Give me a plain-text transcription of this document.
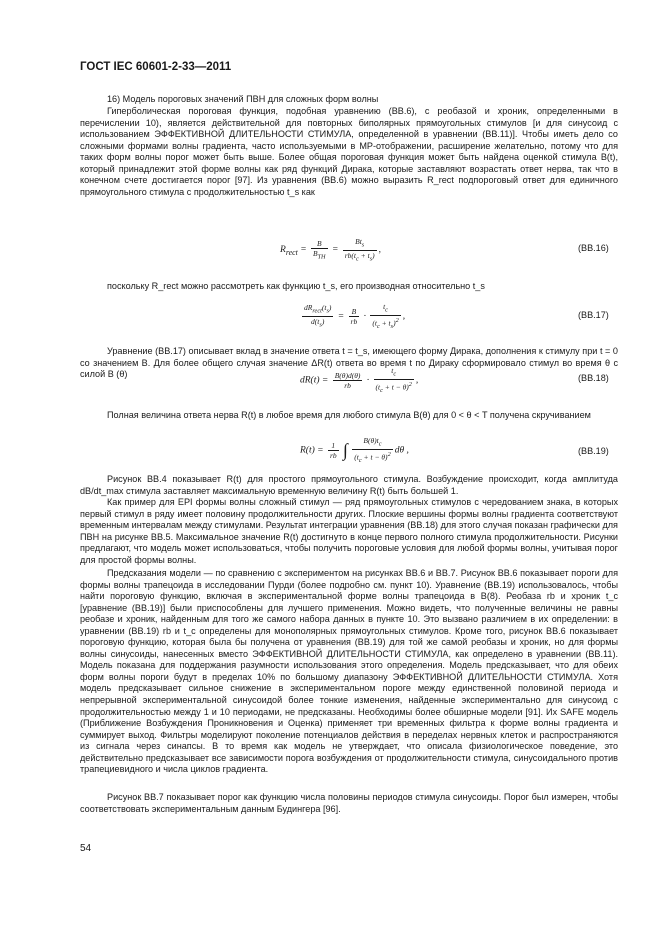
ГОСТ IEC 60601-2-33—2011

16) Модель пороговых значений ПВН для сложных форм волны

Гиперболическая пороговая функция, подобная уравнению (ВВ.6), с реобазой и хроник, определенными в перечислении 10), является действительной для повторных биполярных прямоугольных стимулов [и для синусоид с использованием ЭФФЕКТИВНОЙ ДЛИТЕЛЬНОСТИ СТИМУЛА, определенной в уравнении (ВВ.11)]. Чтобы иметь дело со сложными формами волны градиента, часто используемыми в МР-отображении, расширение желательно, потому что для таких форм волны порог может быть выше. Более общая пороговая функция может быть найдена оценкой стимула B(t), который принадлежит этой форме волны как ряд функций Дирака, которые заставляют возрастать ответ нерва, так что в конечном счете достигается порог [97]. Из уравнения (ВВ.6) можно выразить R_rect подпороговый ответ для единичного прямоугольного стимула с продолжительностью t_s как

$R_{rect}$ =
B
$B_{TH}$
=
$Bt_s$
$rb(t_c + t_s)$ ,	(ВВ.16)

поскольку R_rect можно рассмотреть как функцию t_s, его производная относительно t_s

$dR_{rect}(t_s)$
$d(t_s)$	= $\frac{B}{rb} \cdot \frac{t_c}{(t_c + t_s)^2}$ ,	(ВВ.17)

Уравнение (ВВ.17) описывает вклад в значение ответа t = t_s, имеющего форму Дирака, дополнения к стимулу при t = 0 со значением B. Для более общего случая значение ΔR(t) ответа во время t по Дираку сформировало стимул во время θ с силой B (θ)

$dR(t) = \frac{B(\theta)d(\theta)}{rb} \cdot \frac{t_c}{(t_c + t - \theta)^2}$ ,	(ВВ.18)

Полная величина ответа нерва R(t) в любое время для любого стимула B(θ) для 0 < θ < T получена скручиванием

$R(t) = \frac{1}{rb}$ ∫ $\frac{B(\theta)t_c}{(t_c + t - \theta)^2}$ dθ ,	(ВВ.19)

Рисунок ВВ.4 показывает R(t) для простого прямоугольного стимула. Возбуждение происходит, когда амплитуда dB/dt_max стимула заставляет максимальную временную величину R(t) быть большей 1.

Как пример для EPI формы волны сложный стимул — ряд прямоугольных стимулов с чередованием знака, в которых первый стимул в ряду имеет половину продолжительности других. Плоские вершины формы волны градиента соответствуют временным интервалам между стимулами. Результат интеграции уравнения (ВВ.18) для этого случая показан графически для ПВН на рисунке ВВ.5. Максимальное значение R(t) достигнуто в конце первого полного стимула продолжительности. Рисунки предлагают, что модель может использоваться, чтобы получить пороговые условия для любой формы волны, учитывая порог для простой формы волны.

Предсказания модели — по сравнению с экспериментом на рисунках ВВ.6 и ВВ.7. Рисунок ВВ.6 показывает пороги для формы волны трапецоида в исследовании Пурди (более подробно см. пункт 10). Уравнение (ВВ.19) использовалось, чтобы найти пороговую функцию, включая в экспериментальной форме волны трапецоида в B(8). Реобаза rb и хроник t_c [уравнение (ВВ.19)] были приспособлены для лучшего применения. Можно видеть, что полученные величины не равны реобазе и хроник, найденным для того же самого набора данных в пункте 10. Это вызвано различием в их определении: в уравнении (ВВ.19) rb и t_c определены для монополярных прямоугольных стимулов. Кроме того, рисунок ВВ.6 показывает пороговую функцию, которая была бы получена от уравнения (ВВ.19) для той же самой реобазы и хроник, но для формы волны синусоиды, нанесенных вместо ЭФФЕКТИВНОЙ ДЛИТЕЛЬНОСТИ СТИМУЛА, как определено в уравнении (ВВ.11). Модель показана для поддержания разумности использования этого определения. Модель предсказывает, что для обеих форм волны пороги будут в пределах 10% по большому диапазону ЭФФЕКТИВНОЙ ДЛИТЕЛЬНОСТИ СТИМУЛА. Хотя модель предсказывает сильное снижение в экспериментальном пороге между единственной половиной периода и непрерывной экспериментальной синусоидой более тонкие изменения, найденные экспериментально для синусоид с продолжительностью между 1 и 10 периодами, не предсказаны. Необходимы более обширные модели [91]. Их SAFE модель (Приближение Возбуждения Проникновения и Оценка) применяет три временных фильтра к форме волны градиента и суммирует выход. Фильтры моделируют поколение потенциалов действия в переделах нервных клеток и распространяются из сигнала через синапсы. В то время как модель не утверждает, что описала физиологическое поведение, это действительно предсказывает все зависимости порога возбуждения от продолжительности стимула, синусоидального против трапециевидного и числа циклов градиента.

Рисунок ВВ.7 показывает порог как функцию числа половины периодов стимула синусоиды. Порог был измерен, чтобы соответствовать экспериментальным данным Будингера [96].

54
